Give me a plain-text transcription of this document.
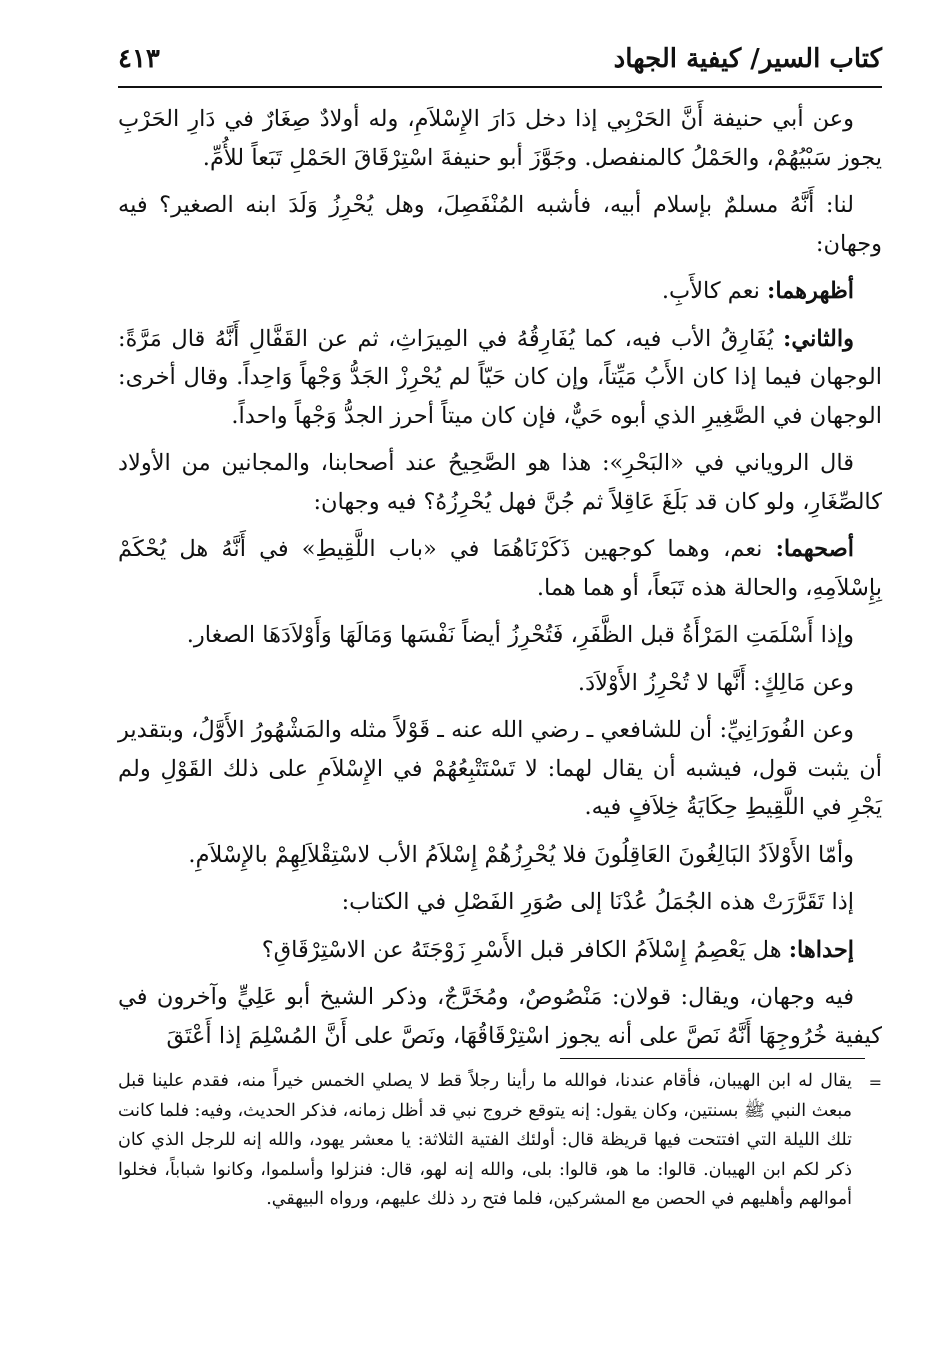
كتاب السير/ كيفية الجهاد
٤١٣

وعن أبي حنيفة أَنَّ الحَرْبِي إذا دخل دَارَ الإِسْلاَمِ، وله أولادٌ صِغَارٌ في دَارِ الحَرْبِ يجوز سَبْيُهُمْ، والحَمْلُ كالمنفصل. وجَوَّزَ أبو حنيفةَ اسْتِرْقَاقَ الحَمْلِ تَبَعاً للأُمِّ.

لنا: أَنَّهُ مسلمٌ بإسلام أبيه، فأشبه المُنْفَصِلَ، وهل يُحْرِزُ وَلَدَ ابنه الصغير؟ فيه وجهان:

أظهرهما: نعم كالأَبِ.

والثاني: يُفَارِقُ الأب فيه، كما يُفَارِقُهُ في المِيرَاثِ، ثم عن القَفَّالِ أَنَّهُ قال مَرَّةً: الوجهان فيما إذا كان الأَبُ مَيِّتاً، وإن كان حَيّاً لم يُحْرِزْ الجَدُّ وَجْهاً وَاحِداً. وقال أخرى: الوجهان في الصَّغِيرِ الذي أبوه حَيٌّ، فإن كان ميتاً أحرز الجدُّ وَجْهاً واحداً.

قال الروياني في «البَحْرِ»: هذا هو الصَّحِيحُ عند أصحابنا، والمجانين من الأولاد كالصِّغَارِ، ولو كان قد بَلَغَ عَاقِلاً ثم جُنَّ فهل يُحْرِزُهُ؟ فيه وجهان:

أصحهما: نعم، وهما كوجهين ذَكَرْنَاهُمَا في «باب اللَّقِيطِ» في أَنَّهُ هل يُحْكَمْ بِإِسْلاَمِهِ، والحالة هذه تَبَعاً، أو هما هما.

وإذا أَسْلَمَتِ المَرْأَةُ قبل الظَّفَرِ، فَتُحْرِزُ أيضاً نَفْسَها وَمَالَهَا وَأَوْلاَدَهَا الصغار.

وعن مَالِكٍ: أَنَّها لا تُحْرِزُ الأَوْلاَدَ.

وعن الفُورَانِيِّ: أن للشافعي ـ رضي الله عنه ـ قَوْلاً مثله والمَشْهُورُ الأَوَّلُ، وبتقدير أن يثبت قول، فيشبه أن يقال لهما: لا تَسْتَتْبِعُهُمْ في الإِسْلاَمِ على ذلك القَوْلِ ولم يَجْرِ في اللَّقِيطِ حِكَايَةُ خِلاَفٍ فيه.

وأمّا الأَوْلاَدُ البَالِغُونَ العَاقِلُونَ فلا يُحْرِزُهُمْ إِسْلاَمُ الأب لاسْتِقْلاَلِهِمْ بالإِسْلاَمِ.

إذا تَقَرَّرَتْ هذه الجُمَلُ عُدْنَا إلى صُوَرِ الفَصْلِ في الكتاب:

إحداها: هل يَعْصِمُ إِسْلاَمُ الكافر قبل الأَسْرِ زَوْجَتَهُ عن الاسْتِرْقَاقِ؟

فيه وجهان، ويقال: قولان: مَنْصُوصٌ، ومُخَرَّجٌ، وذكر الشيخ أبو عَلِيٍّ وآخرون في كيفية خُرُوجِهَا أَنَّهُ نَصَّ على أنه يجوز اسْتِرْقَاقُهَا، ونَصَّ على أَنَّ المُسْلِمَ إذا أَعْتَقَ

=

يقال له ابن الهيبان، فأقام عندنا، فوالله ما رأينا رجلاً قط لا يصلي الخمس خيراً منه، فقدم علينا قبل مبعث النبي ﷺ بسنتين، وكان يقول: إنه يتوقع خروج نبي قد أظل زمانه، فذكر الحديث، وفيه: فلما كانت تلك الليلة التي افتتحت فيها قريظة قال: أولئك الفتية الثلاثة: يا معشر يهود، والله إنه للرجل الذي كان ذكر لكم ابن الهيبان. قالوا: ما هو، قالوا: بلى، والله إنه لهو، قال: فنزلوا وأسلموا، وكانوا شباباً، فخلوا أموالهم وأهليهم في الحصن مع المشركين، فلما فتح رد ذلك عليهم، ورواه البيهقي.
